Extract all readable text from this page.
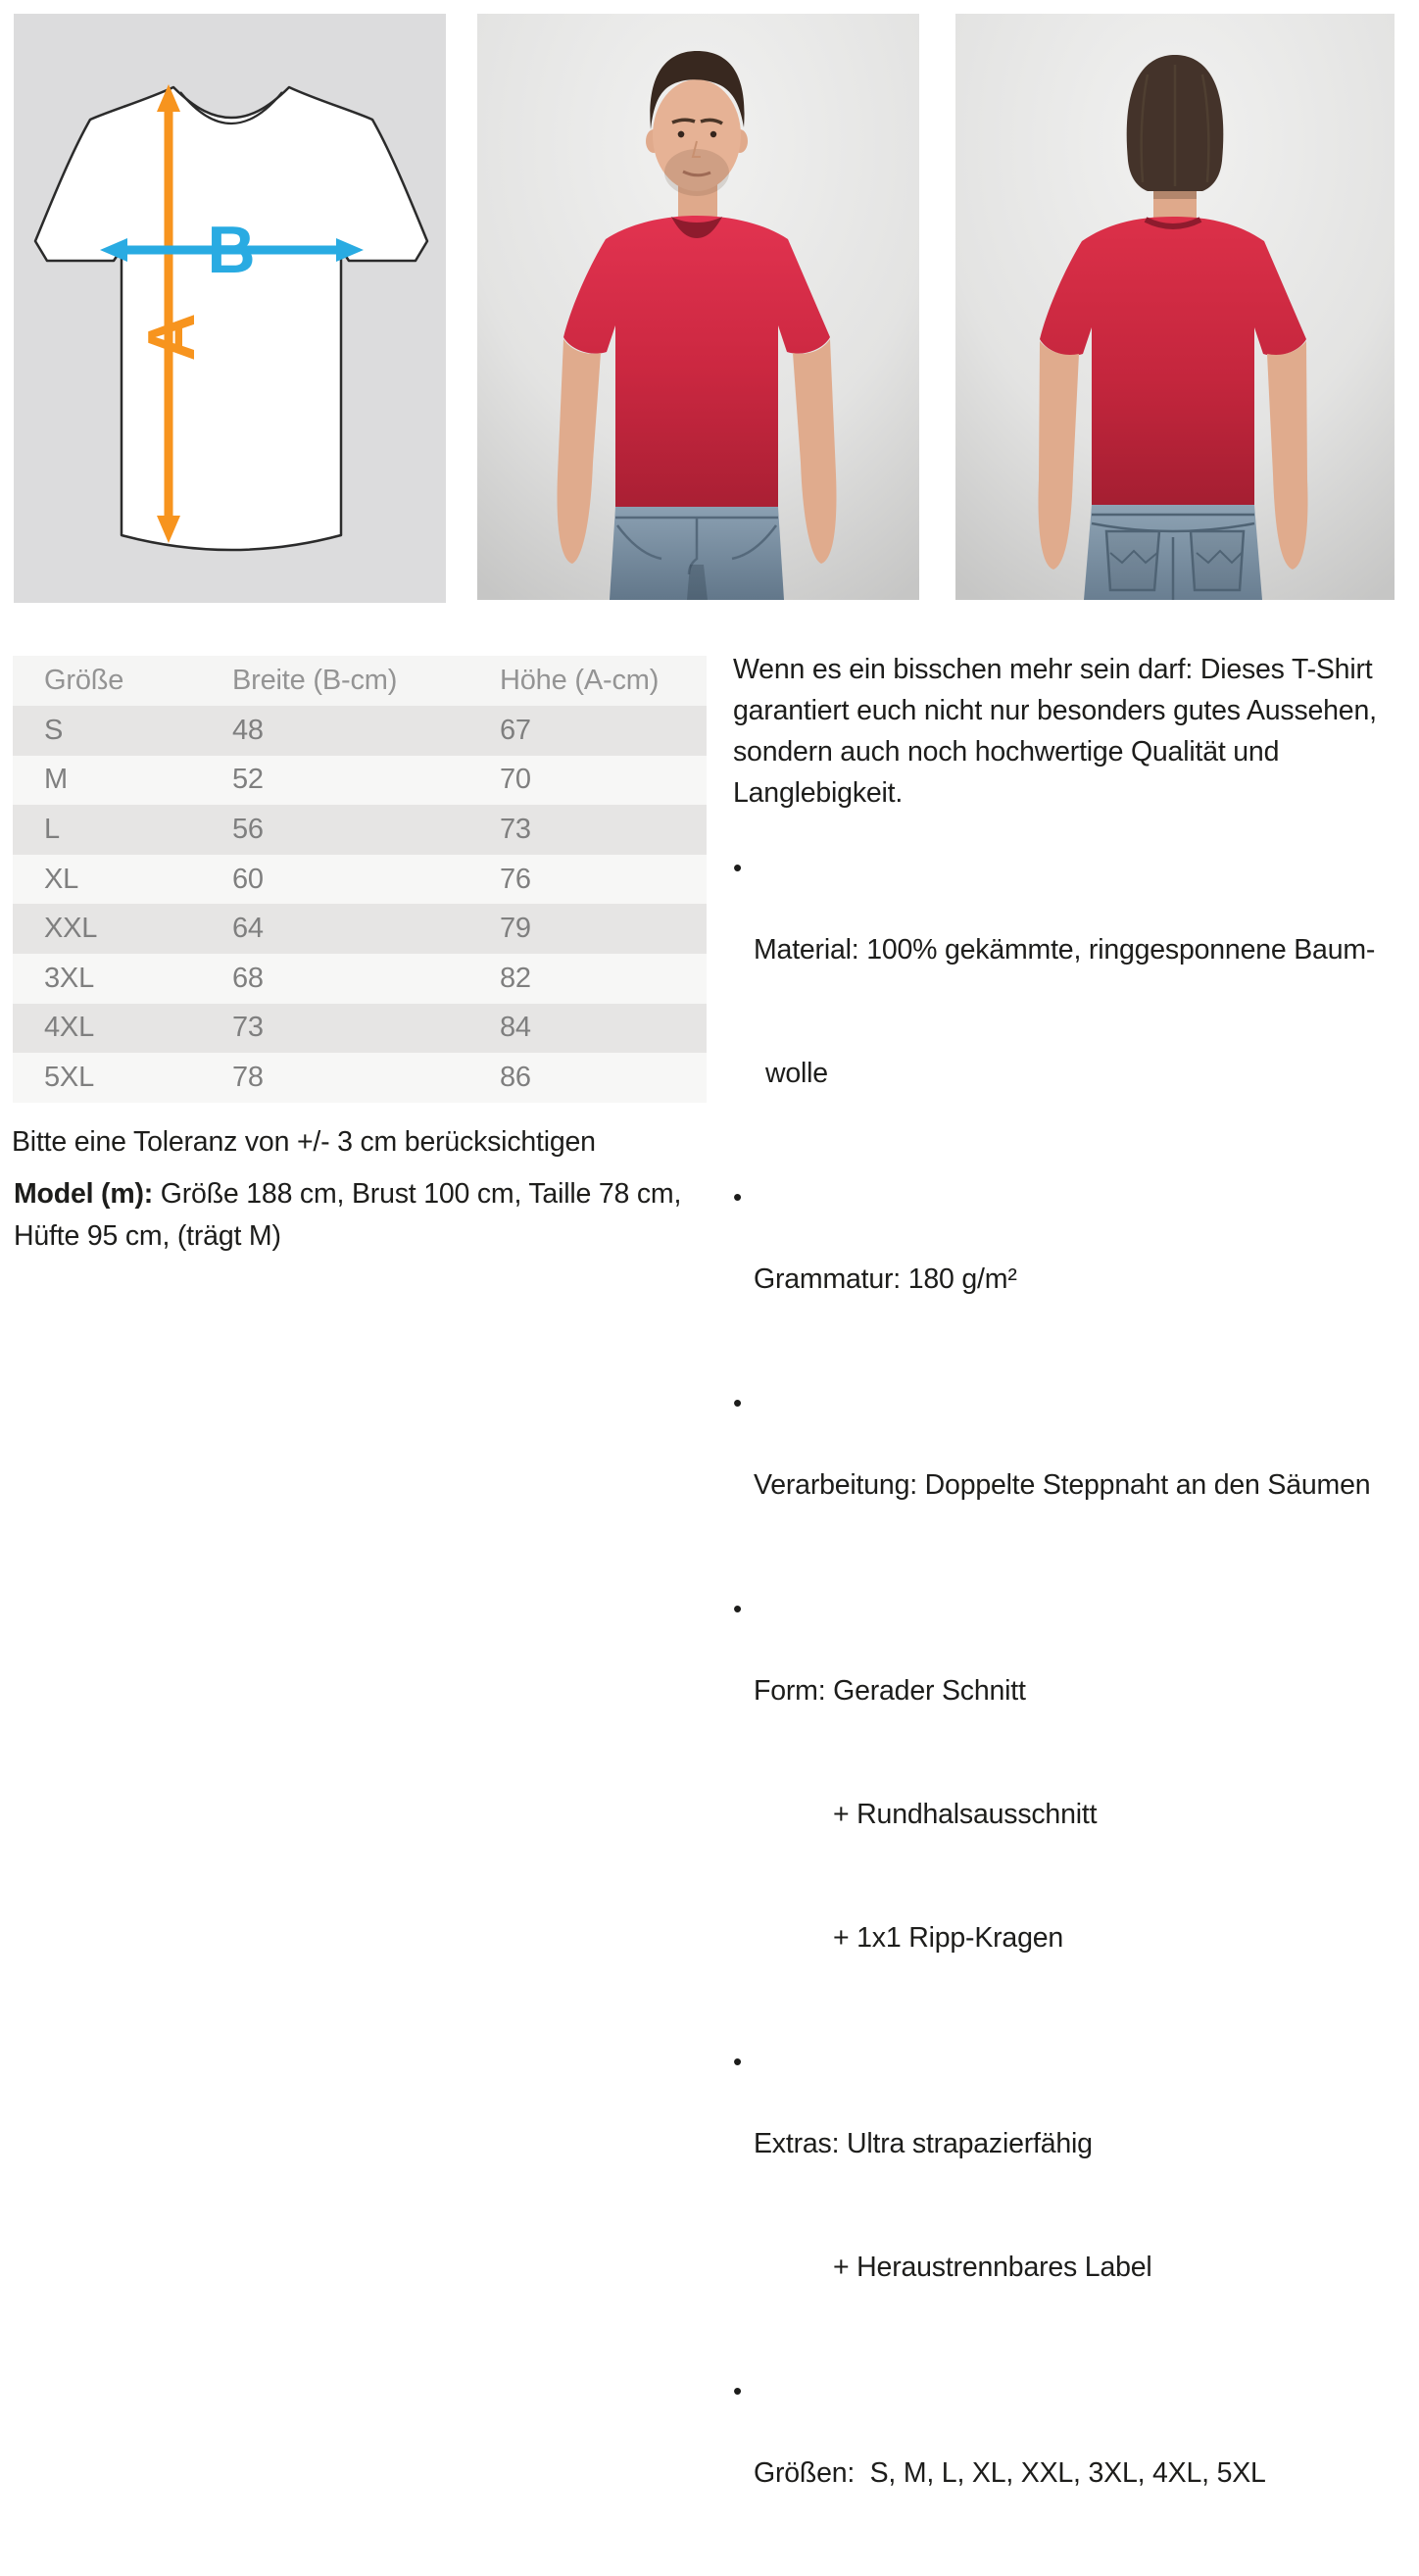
A
B
Größe	Breite (B-cm)	Höhe (A-cm)
S	48	67
M	52	70
L	56	73
XL	60	76
XXL	64	79
3XL	68	82
4XL	73	84
5XL	78	86
Bitte eine Toleranz von +/- 3 cm berücksichtigen
Model (m): Größe 188 cm, Brust 100 cm, Taille 78 cm,
Hüfte 95 cm, (trägt M)
Wenn es ein bisschen mehr sein darf: Dieses T-Shirt
garantiert euch nicht nur besonders gutes Aussehen,
sondern auch noch hochwertige Qualität und
Langlebigkeit.

• Material: 100% gekämmte, ringgesponnene Baum-

wolle

• Grammatur: 180 g/m²

• Verarbeitung: Doppelte Steppnaht an den Säumen

• Form: Gerader Schnitt

+ Rundhalsausschnitt

+ 1x1 Ripp-Kragen

• Extras: Ultra strapazierfähig

+ Heraustrennbares Label

• Größen:  S, M, L, XL, XXL, 3XL, 4XL, 5XL
